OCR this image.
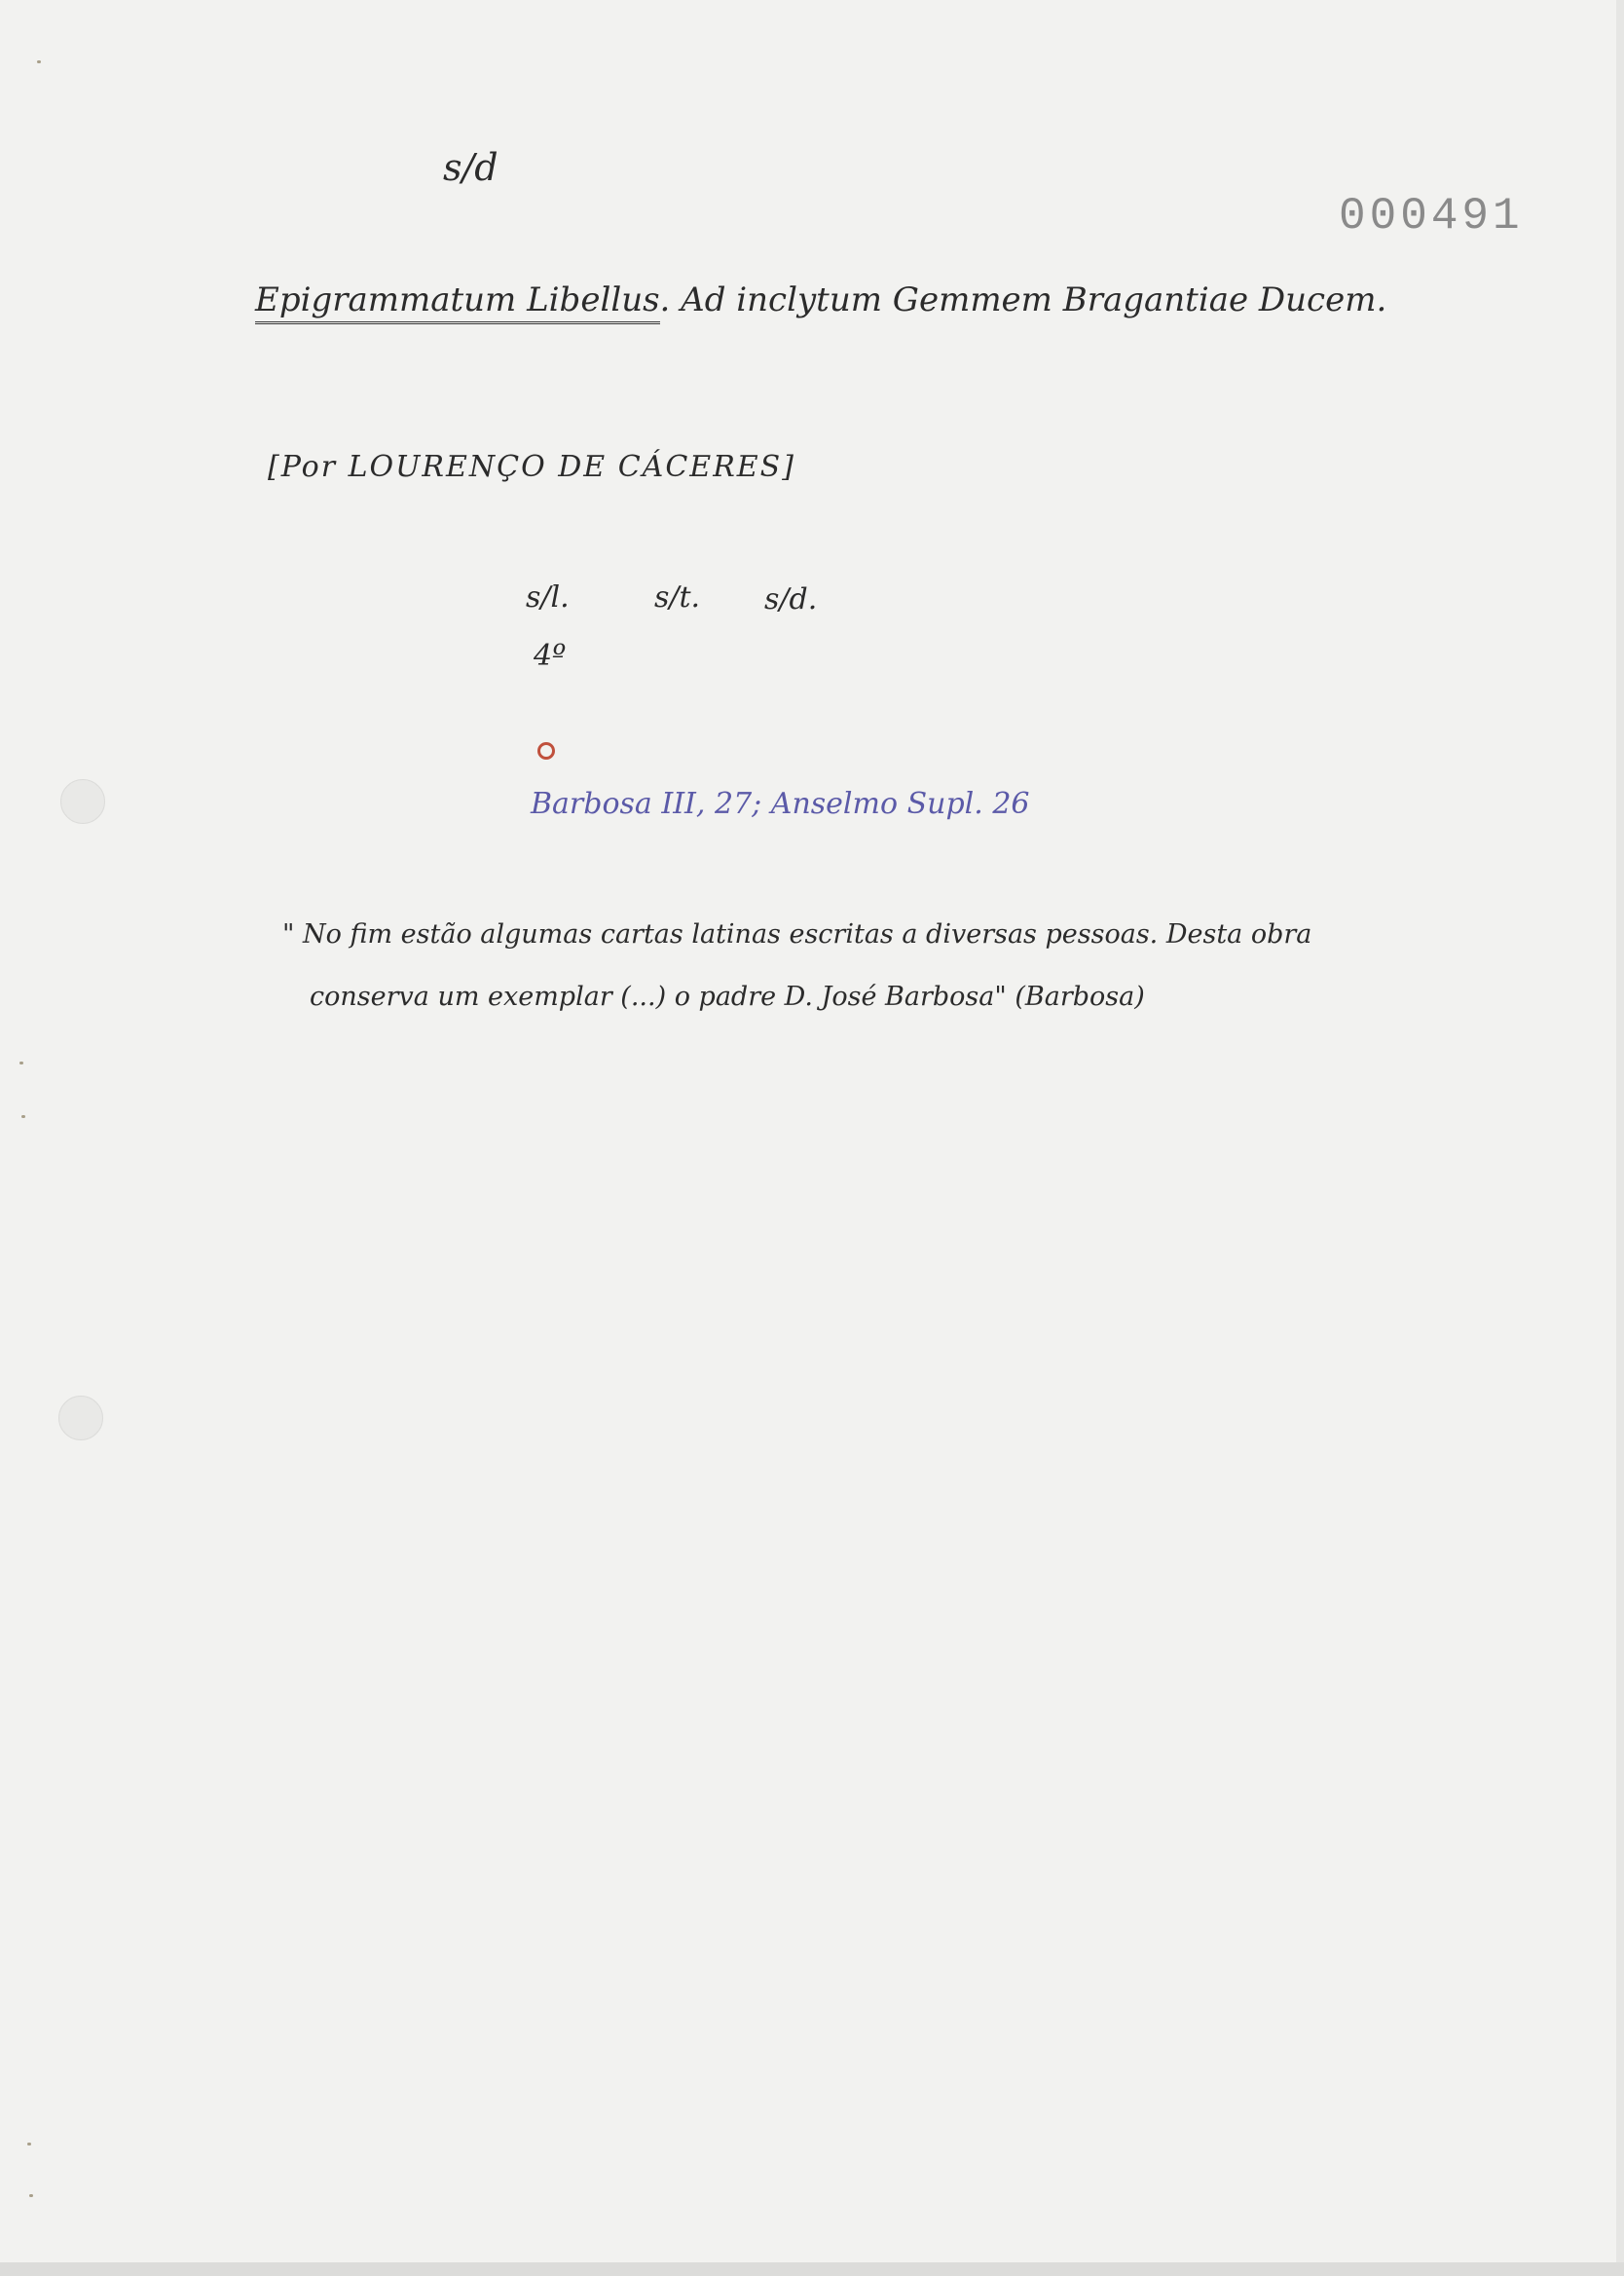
s/d
000491
Epigrammatum Libellus. Ad inclytum Gemmem Bragantiae Ducem.
[Por LOURENÇO DE CÁCERES]
s/l.	s/t. s/d.
4º
Barbosa III, 27; Anselmo Supl. 26
" No fim estão algumas cartas latinas escritas a diversas pessoas. Desta obra
conserva um exemplar (...) o padre D. José Barbosa" (Barbosa)
